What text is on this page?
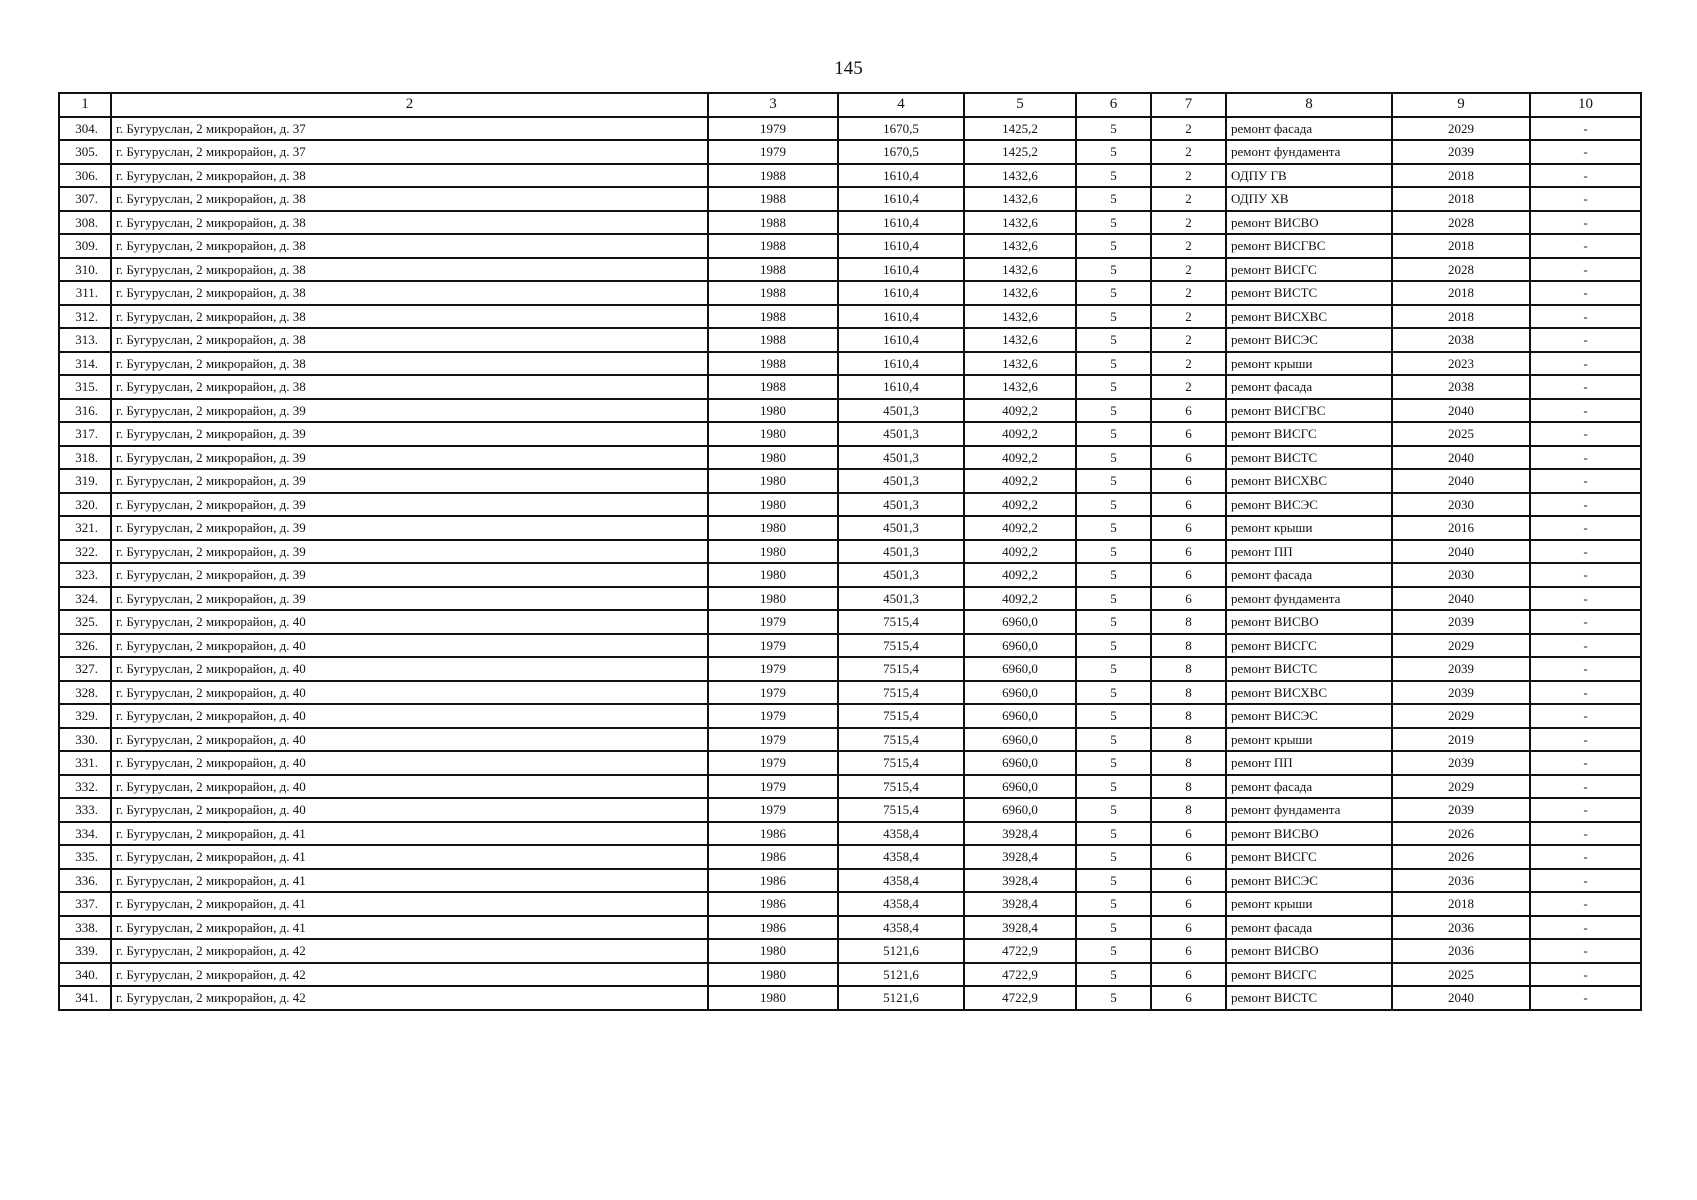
145
1	2	3	4	5	6	7	8	9	10
304.	г. Бугуруслан, 2 микрорайон, д. 37	1979	1670,5	1425,2	5	2	ремонт фасада	2029	-
305.	г. Бугуруслан, 2 микрорайон, д. 37	1979	1670,5	1425,2	5	2	ремонт фундамента	2039	-
306.	г. Бугуруслан, 2 микрорайон, д. 38	1988	1610,4	1432,6	5	2	ОДПУ ГВ	2018	-
307.	г. Бугуруслан, 2 микрорайон, д. 38	1988	1610,4	1432,6	5	2	ОДПУ ХВ	2018	-
308.	г. Бугуруслан, 2 микрорайон, д. 38	1988	1610,4	1432,6	5	2	ремонт ВИСВО	2028	-
309.	г. Бугуруслан, 2 микрорайон, д. 38	1988	1610,4	1432,6	5	2	ремонт ВИСГВС	2018	-
310.	г. Бугуруслан, 2 микрорайон, д. 38	1988	1610,4	1432,6	5	2	ремонт ВИСГС	2028	-
311.	г. Бугуруслан, 2 микрорайон, д. 38	1988	1610,4	1432,6	5	2	ремонт ВИСТС	2018	-
312.	г. Бугуруслан, 2 микрорайон, д. 38	1988	1610,4	1432,6	5	2	ремонт ВИСХВС	2018	-
313.	г. Бугуруслан, 2 микрорайон, д. 38	1988	1610,4	1432,6	5	2	ремонт ВИСЭС	2038	-
314.	г. Бугуруслан, 2 микрорайон, д. 38	1988	1610,4	1432,6	5	2	ремонт крыши	2023	-
315.	г. Бугуруслан, 2 микрорайон, д. 38	1988	1610,4	1432,6	5	2	ремонт фасада	2038	-
316.	г. Бугуруслан, 2 микрорайон, д. 39	1980	4501,3	4092,2	5	6	ремонт ВИСГВС	2040	-
317.	г. Бугуруслан, 2 микрорайон, д. 39	1980	4501,3	4092,2	5	6	ремонт ВИСГС	2025	-
318.	г. Бугуруслан, 2 микрорайон, д. 39	1980	4501,3	4092,2	5	6	ремонт ВИСТС	2040	-
319.	г. Бугуруслан, 2 микрорайон, д. 39	1980	4501,3	4092,2	5	6	ремонт ВИСХВС	2040	-
320.	г. Бугуруслан, 2 микрорайон, д. 39	1980	4501,3	4092,2	5	6	ремонт ВИСЭС	2030	-
321.	г. Бугуруслан, 2 микрорайон, д. 39	1980	4501,3	4092,2	5	6	ремонт крыши	2016	-
322.	г. Бугуруслан, 2 микрорайон, д. 39	1980	4501,3	4092,2	5	6	ремонт ПП	2040	-
323.	г. Бугуруслан, 2 микрорайон, д. 39	1980	4501,3	4092,2	5	6	ремонт фасада	2030	-
324.	г. Бугуруслан, 2 микрорайон, д. 39	1980	4501,3	4092,2	5	6	ремонт фундамента	2040	-
325.	г. Бугуруслан, 2 микрорайон, д. 40	1979	7515,4	6960,0	5	8	ремонт ВИСВО	2039	-
326.	г. Бугуруслан, 2 микрорайон, д. 40	1979	7515,4	6960,0	5	8	ремонт ВИСГС	2029	-
327.	г. Бугуруслан, 2 микрорайон, д. 40	1979	7515,4	6960,0	5	8	ремонт ВИСТС	2039	-
328.	г. Бугуруслан, 2 микрорайон, д. 40	1979	7515,4	6960,0	5	8	ремонт ВИСХВС	2039	-
329.	г. Бугуруслан, 2 микрорайон, д. 40	1979	7515,4	6960,0	5	8	ремонт ВИСЭС	2029	-
330.	г. Бугуруслан, 2 микрорайон, д. 40	1979	7515,4	6960,0	5	8	ремонт крыши	2019	-
331.	г. Бугуруслан, 2 микрорайон, д. 40	1979	7515,4	6960,0	5	8	ремонт ПП	2039	-
332.	г. Бугуруслан, 2 микрорайон, д. 40	1979	7515,4	6960,0	5	8	ремонт фасада	2029	-
333.	г. Бугуруслан, 2 микрорайон, д. 40	1979	7515,4	6960,0	5	8	ремонт фундамента	2039	-
334.	г. Бугуруслан, 2 микрорайон, д. 41	1986	4358,4	3928,4	5	6	ремонт ВИСВО	2026	-
335.	г. Бугуруслан, 2 микрорайон, д. 41	1986	4358,4	3928,4	5	6	ремонт ВИСГС	2026	-
336.	г. Бугуруслан, 2 микрорайон, д. 41	1986	4358,4	3928,4	5	6	ремонт ВИСЭС	2036	-
337.	г. Бугуруслан, 2 микрорайон, д. 41	1986	4358,4	3928,4	5	6	ремонт крыши	2018	-
338.	г. Бугуруслан, 2 микрорайон, д. 41	1986	4358,4	3928,4	5	6	ремонт фасада	2036	-
339.	г. Бугуруслан, 2 микрорайон, д. 42	1980	5121,6	4722,9	5	6	ремонт ВИСВО	2036	-
340.	г. Бугуруслан, 2 микрорайон, д. 42	1980	5121,6	4722,9	5	6	ремонт ВИСГС	2025	-
341.	г. Бугуруслан, 2 микрорайон, д. 42	1980	5121,6	4722,9	5	6	ремонт ВИСТС	2040	-
